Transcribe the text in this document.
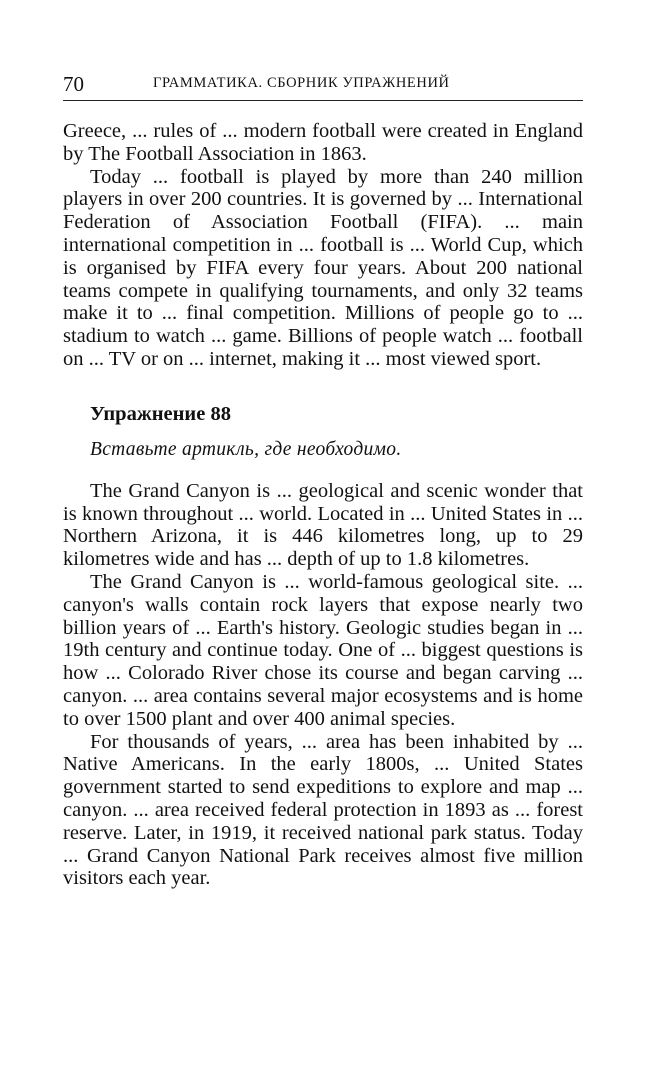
70	ГРАММАТИКА. СБОРНИК УПРАЖНЕНИЙ

Greece, ... rules of ... modern football were created in England by The Football Association in 1863.

Today ... football is played by more than 240 million players in over 200 countries. It is governed by ... International Federation of Association Football (FIFA). ... main international competition in ... football is ... World Cup, which is organised by FIFA every four years. About 200 national teams compete in qualifying tournaments, and only 32 teams make it to ... final competition. Millions of people go to ... stadium to watch ... game. Billions of people watch ... football on ... TV or on ... internet, making it ... most viewed sport.

Упражнение 88
Вставьте артикль, где необходимо.

The Grand Canyon is ... geological and scenic wonder that is known throughout ... world. Located in ... United States in ... Northern Arizona, it is 446 kilometres long, up to 29 kilometres wide and has ... depth of up to 1.8 kilometres.

The Grand Canyon is ... world-famous geological site. ... canyon's walls contain rock layers that expose nearly two billion years of ... Earth's history. Geologic studies began in ... 19th century and continue today. One of ... biggest questions is how ... Colorado River chose its course and began carving ... canyon. ... area contains several major ecosystems and is home to over 1500 plant and over 400 animal species.

For thousands of years, ... area has been inhabited by ... Native Americans. In the early 1800s, ... United States government started to send expeditions to explore and map ... canyon. ... area received federal protection in 1893 as ... forest reserve. Later, in 1919, it received national park status. Today ... Grand Canyon National Park receives almost five million visitors each year.
